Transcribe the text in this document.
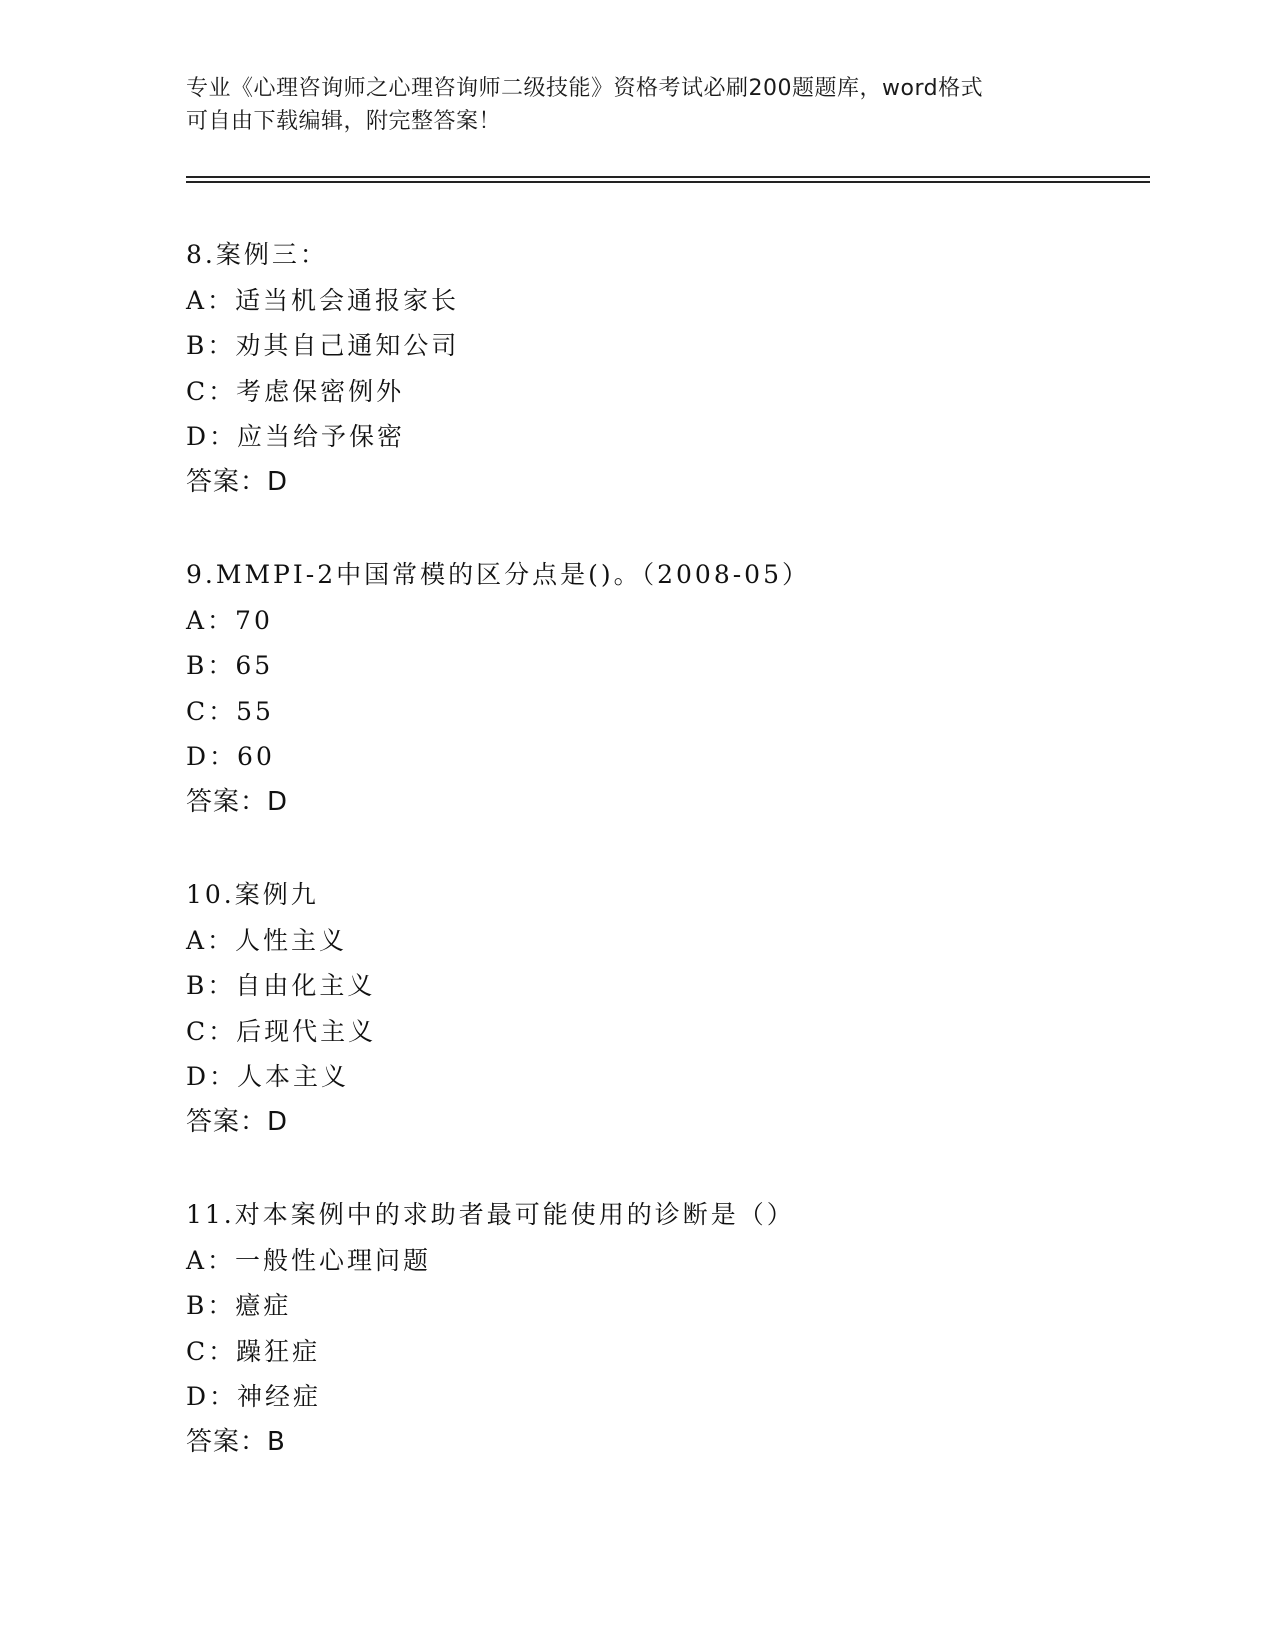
专业《心理咨询师之心理咨询师二级技能》资格考试必刷200题题库，word格式
可自由下载编辑，附完整答案！
8.案例三：
A：适当机会通报家长
B：劝其自己通知公司
C：考虑保密例外
D：应当给予保密
答案：D
9.MMPI-2中国常模的区分点是()。（2008-05）
A：70
B：65
C：55
D：60
答案：D
10.案例九
A：人性主义
B：自由化主义
C：后现代主义
D：人本主义
答案：D
11.对本案例中的求助者最可能使用的诊断是（）
A：一般性心理问题
B：癔症
C：躁狂症
D：神经症
答案：B
